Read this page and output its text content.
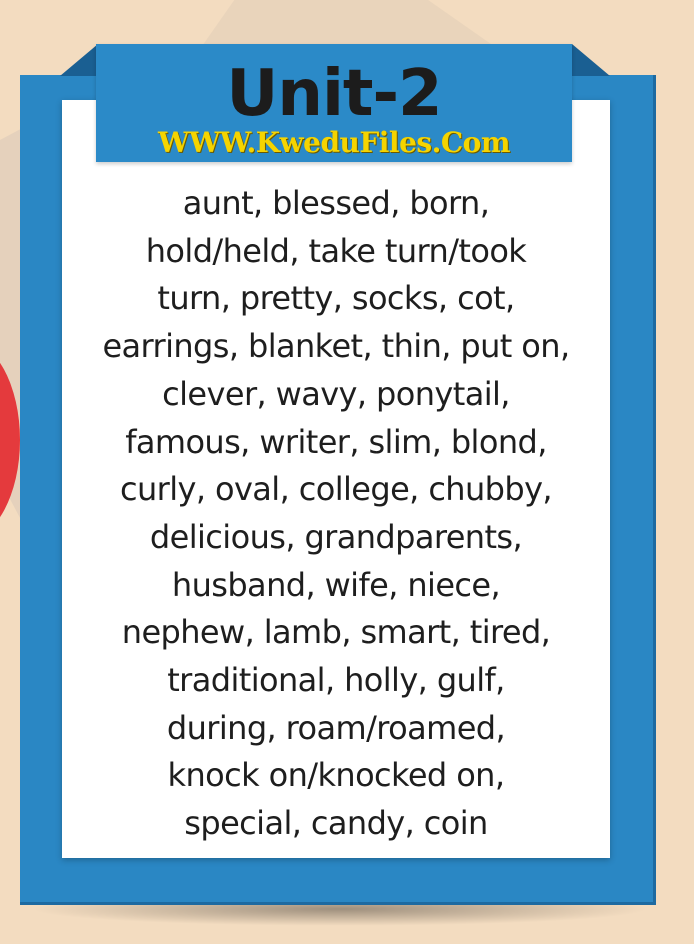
Unit-2
WWW.KweduFiles.Com
aunt, blessed, born,
hold/held, take turn/took
turn, pretty, socks, cot,
earrings, blanket, thin, put on,
clever, wavy, ponytail,
famous, writer, slim, blond,
curly, oval, college, chubby,
delicious, grandparents,
husband, wife, niece,
nephew, lamb, smart, tired,
traditional, holly, gulf,
during, roam/roamed,
knock on/knocked on,
special, candy, coin
